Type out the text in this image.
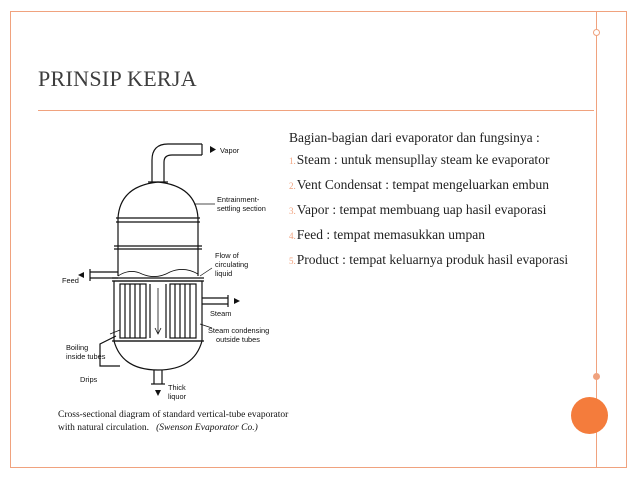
PRINSIP KERJA

Bagian-bagian dari evaporator dan fungsinya :

1.Steam : untuk mensupllay steam ke evaporator
2.Vent Condensat : tempat mengeluarkan embun
3.Vapor : tempat membuang uap hasil evaporasi
4.Feed : tempat memasukkan umpan
5.Product : tempat keluarnya produk hasil evaporasi
Vapor
Entrainment-
settling section
Feed
Flow of
circulating
liquid
Steam
Steam condensing
outside tubes
Boiling
inside tubes
Drips
Thick
liquor
Cross-sectional diagram of standard vertical-tube evaporator
with natural circulation. (Swenson Evaporator Co.)
